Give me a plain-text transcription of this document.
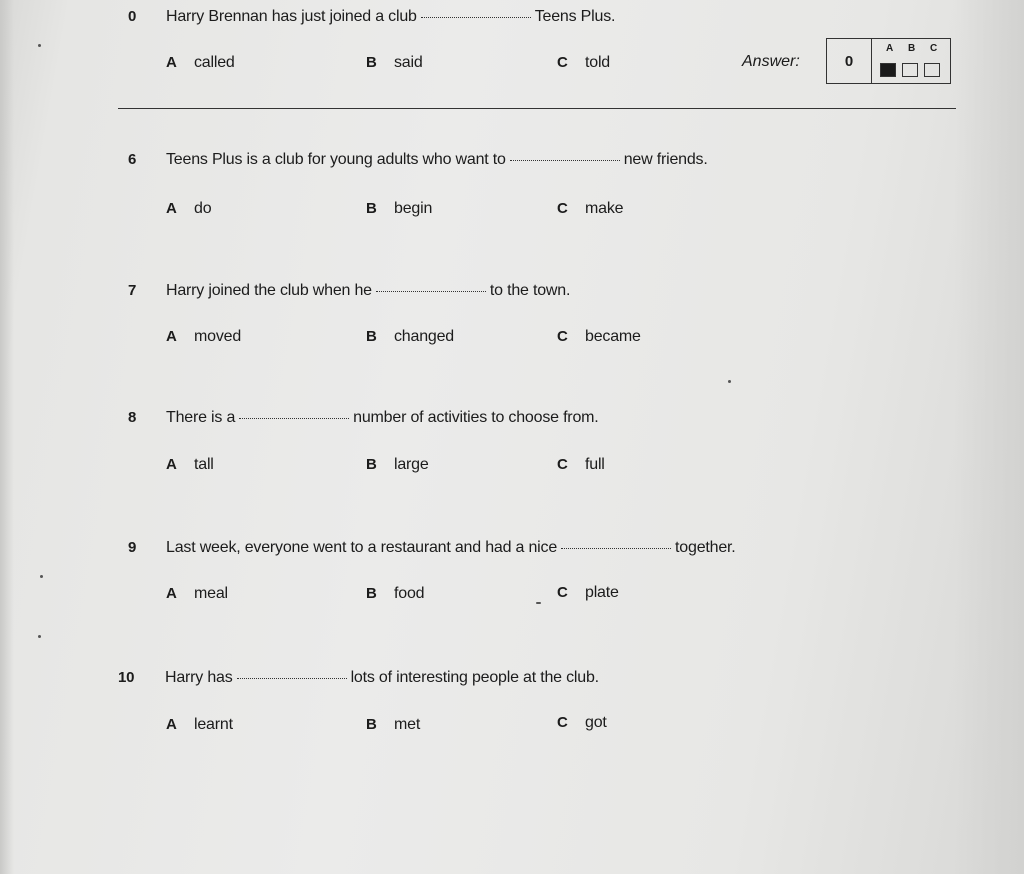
0	Harry Brennan has just joined a club	Teens Plus.
A called	B said	C told	Answer:	0
A B C
6	Teens Plus is a club for young adults who want to	new friends.
A do	B begin	C make
7	Harry joined the club when he	to the town.
A moved	B changed	C became
8	There is a	number of activities to choose from.
A tall	B large	C full
9	Last week, everyone went to a restaurant and had a nice	together.
A meal	B food	C plate
10	Harry has	lots of interesting people at the club.
A learnt	B met	C got
